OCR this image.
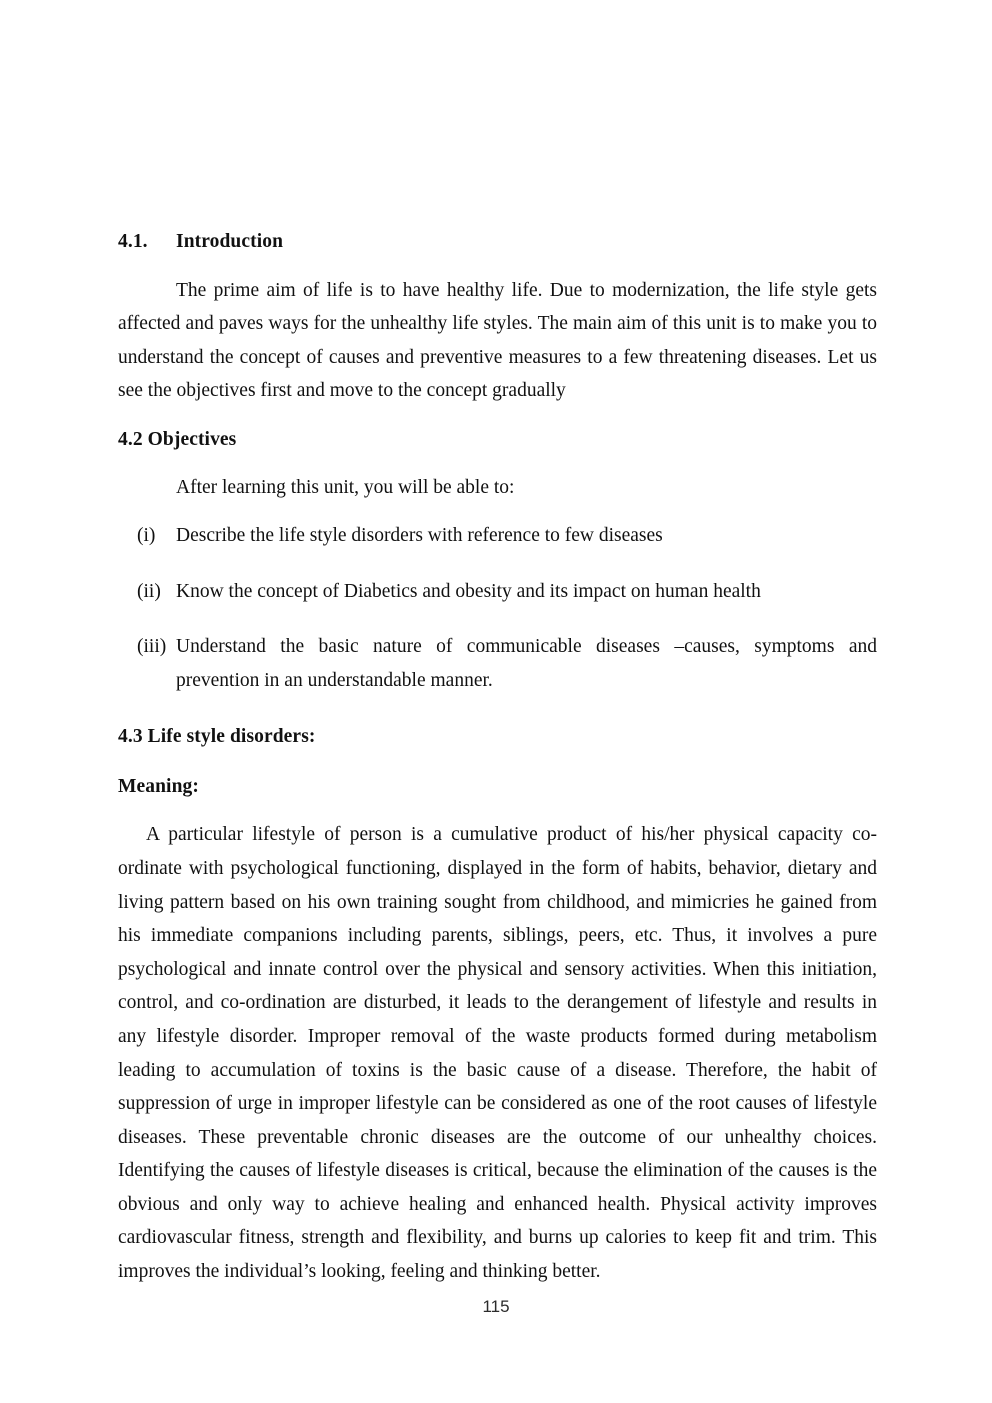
4.1.	Introduction

The prime aim of life is to have healthy life. Due to modernization, the life style gets affected and paves ways for the unhealthy life styles. The main aim of this unit is to make you to understand the concept of causes and preventive measures to a few threatening diseases. Let us see the objectives first and move to the concept gradually

4.2 Objectives
After learning this unit, you will be able to:
(i)	Describe the life style disorders with reference to few diseases
(ii) Know the concept of Diabetics and obesity and its impact on human health
(iii) Understand the basic nature of communicable diseases –causes, symptoms and
prevention in an understandable manner.
4.3 Life style disorders:
Meaning:

A particular lifestyle of person is a cumulative product of his/her physical capacity co-ordinate with psychological functioning, displayed in the form of habits, behavior, dietary and living pattern based on his own training sought from childhood, and mimicries he gained from his immediate companions including parents, siblings, peers, etc. Thus, it involves a pure psychological and innate control over the physical and sensory activities. When this initiation, control, and co-ordination are disturbed, it leads to the derangement of lifestyle and results in any lifestyle disorder. Improper removal of the waste products formed during metabolism leading to accumulation of toxins is the basic cause of a disease. Therefore, the habit of suppression of urge in improper lifestyle can be considered as one of the root causes of lifestyle diseases. These preventable chronic diseases are the outcome of our unhealthy choices. Identifying the causes of lifestyle diseases is critical, because the elimination of the causes is the obvious and only way to achieve healing and enhanced health. Physical activity improves cardiovascular fitness, strength and flexibility, and burns up calories to keep fit and trim. This improves the individual’s looking, feeling and thinking better.

115
